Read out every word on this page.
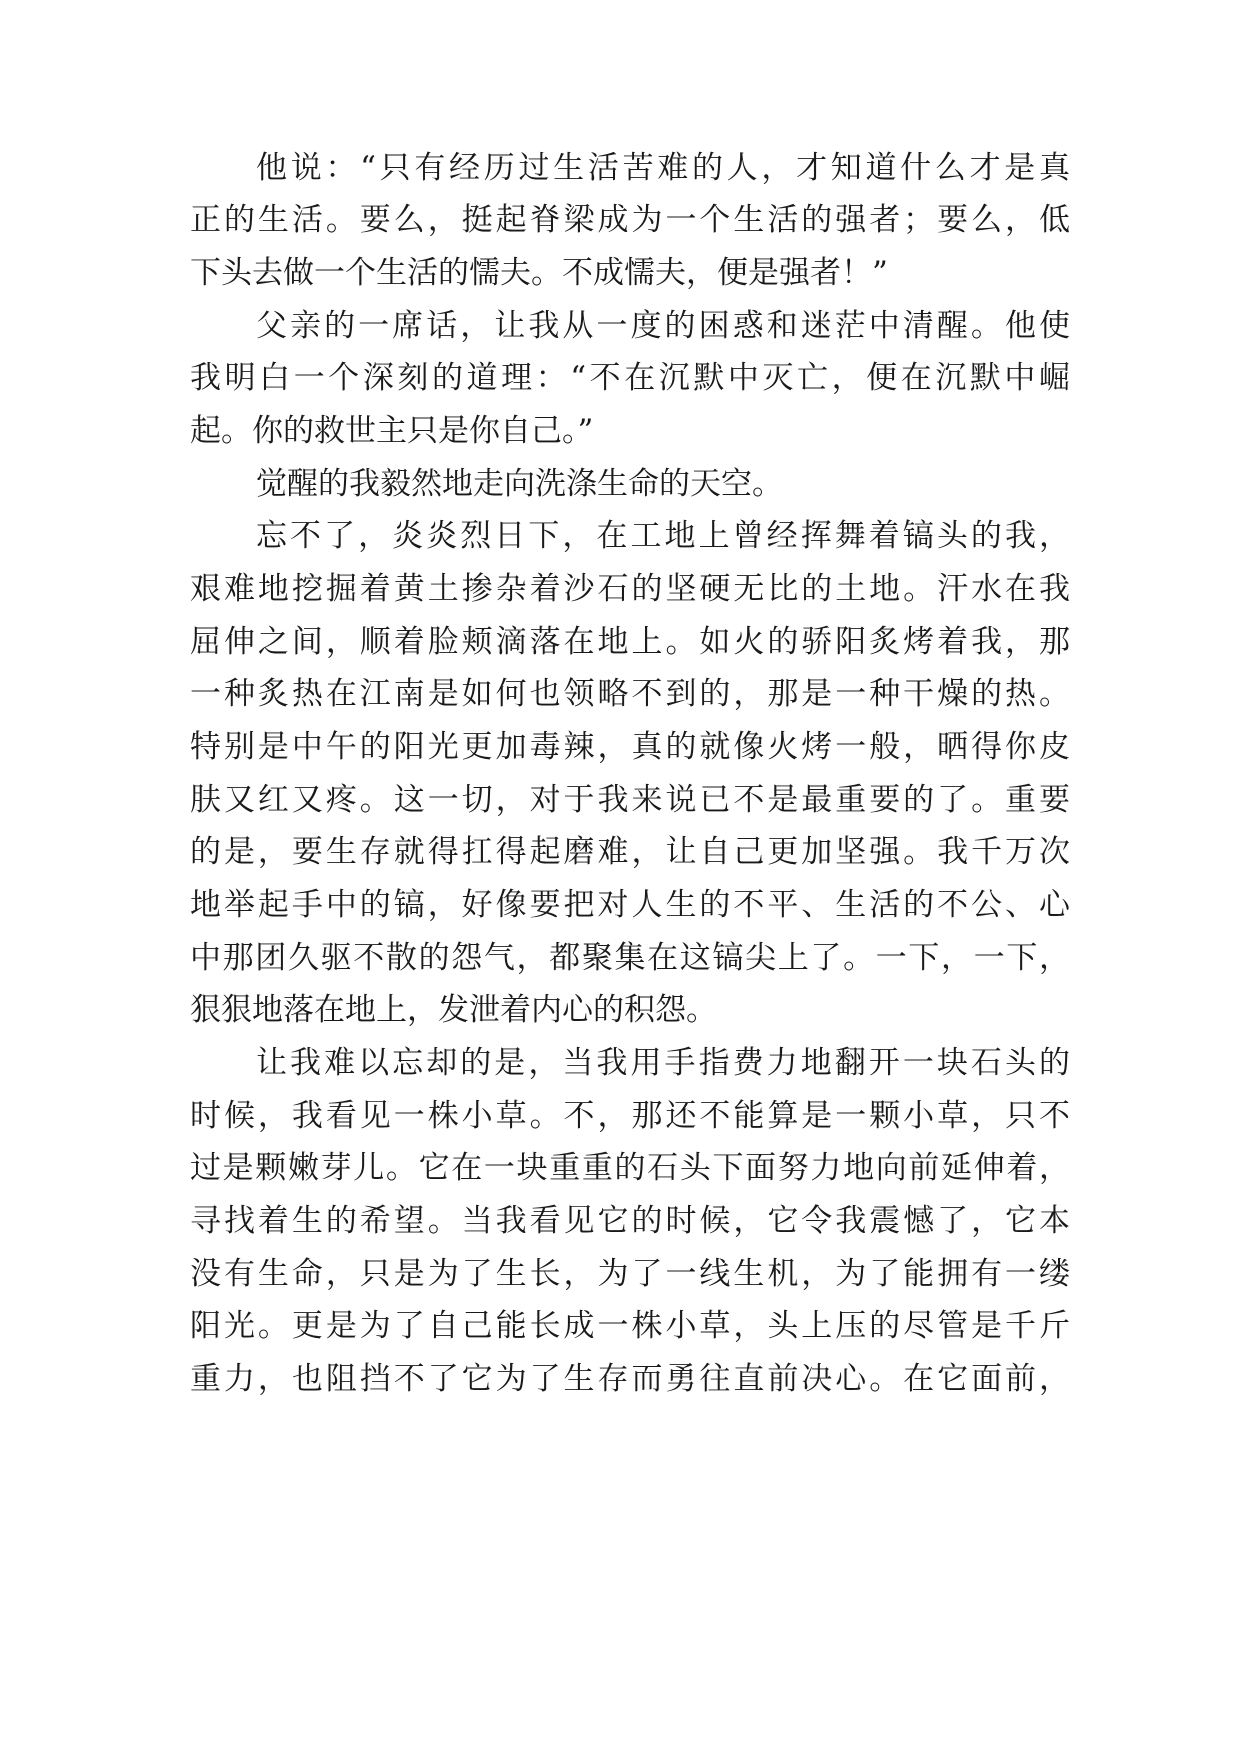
他说：“只有经历过生活苦难的人，才知道什么才是真
正的生活。要么，挺起脊梁成为一个生活的强者；要么，低
下头去做一个生活的懦夫。不成懦夫，便是强者！”
父亲的一席话，让我从一度的困惑和迷茫中清醒。他使
我明白一个深刻的道理：“不在沉默中灭亡，便在沉默中崛
起。你的救世主只是你自己。”
觉醒的我毅然地走向洗涤生命的天空。
忘不了，炎炎烈日下，在工地上曾经挥舞着镐头的我，
艰难地挖掘着黄土掺杂着沙石的坚硬无比的土地。汗水在我
屈伸之间，顺着脸颊滴落在地上。如火的骄阳炙烤着我，那
一种炙热在江南是如何也领略不到的，那是一种干燥的热。
特别是中午的阳光更加毒辣，真的就像火烤一般，晒得你皮
肤又红又疼。这一切，对于我来说已不是最重要的了。重要
的是，要生存就得扛得起磨难，让自己更加坚强。我千万次
地举起手中的镐，好像要把对人生的不平、生活的不公、心
中那团久驱不散的怨气，都聚集在这镐尖上了。一下，一下，
狠狠地落在地上，发泄着内心的积怨。
让我难以忘却的是，当我用手指费力地翻开一块石头的
时候，我看见一株小草。不，那还不能算是一颗小草，只不
过是颗嫩芽儿。它在一块重重的石头下面努力地向前延伸着，
寻找着生的希望。当我看见它的时候，它令我震憾了，它本
没有生命，只是为了生长，为了一线生机，为了能拥有一缕
阳光。更是为了自己能长成一株小草，头上压的尽管是千斤
重力，也阻挡不了它为了生存而勇往直前决心。在它面前，
